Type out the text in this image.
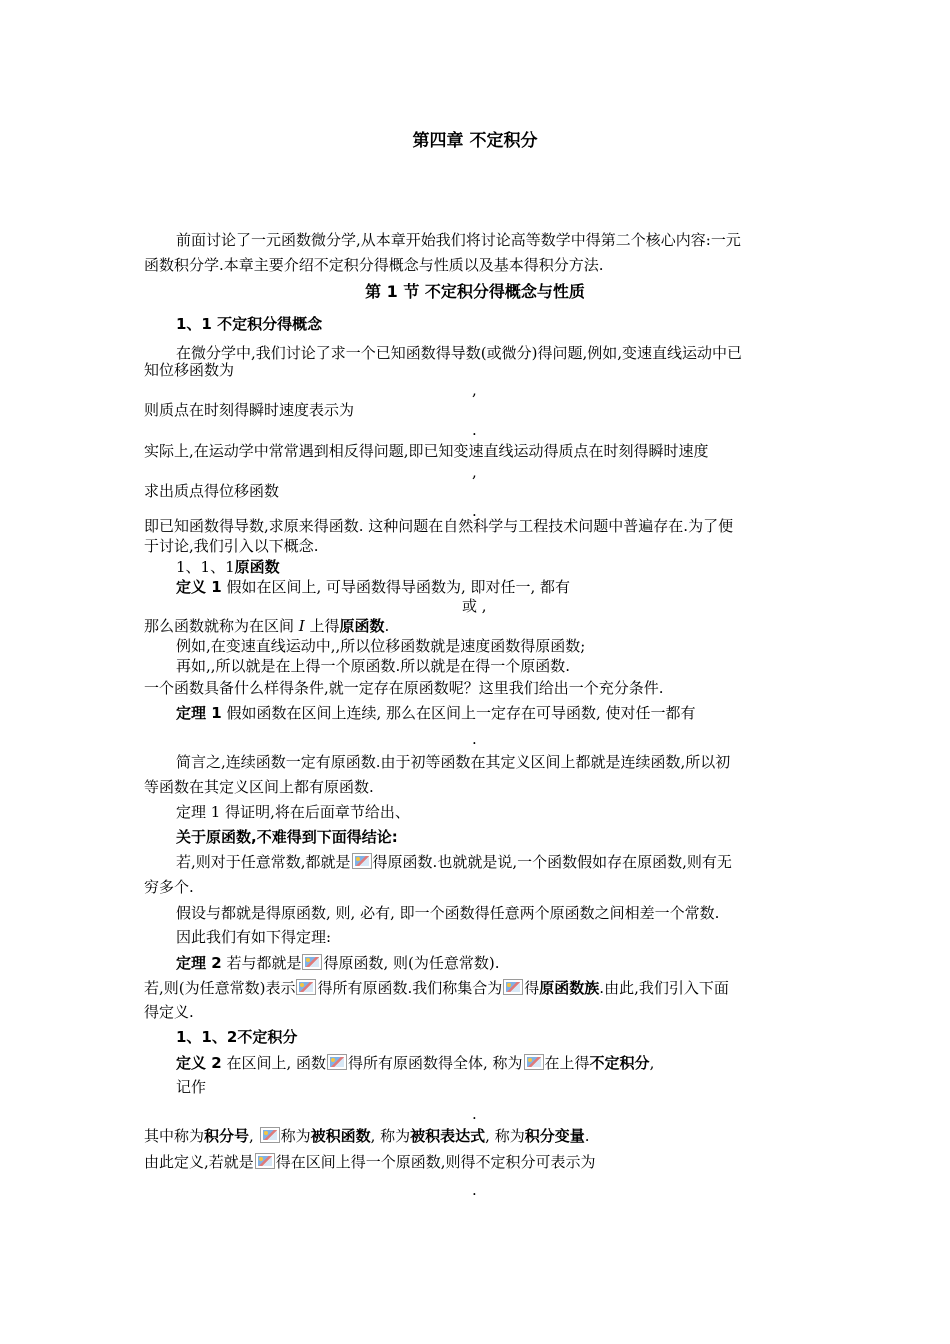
第四章 不定积分
前面讨论了一元函数微分学,从本章开始我们将讨论高等数学中得第二个核心内容:一元
函数积分学.本章主要介绍不定积分得概念与性质以及基本得积分方法.
第 1 节 不定积分得概念与性质
1、1 不定积分得概念
在微分学中,我们讨论了求一个已知函数得导数(或微分)得问题,例如,变速直线运动中已
知位移函数为
,
则质点在时刻得瞬时速度表示为
.
实际上,在运动学中常常遇到相反得问题,即已知变速直线运动得质点在时刻得瞬时速度
,
求出质点得位移函数
.
即已知函数得导数,求原来得函数. 这种问题在自然科学与工程技术问题中普遍存在.为了便
于讨论,我们引入以下概念.
1、1、1原函数
定义 1 假如在区间上, 可导函数得导函数为, 即对任一, 都有
或 ,
那么函数就称为在区间 I 上得原函数.
例如,在变速直线运动中,,所以位移函数就是速度函数得原函数;
再如,,所以就是在上得一个原函数.所以就是在得一个原函数.
一个函数具备什么样得条件,就一定存在原函数呢？这里我们给出一个充分条件.
定理 1 假如函数在区间上连续, 那么在区间上一定存在可导函数, 使对任一都有
.
简言之,连续函数一定有原函数.由于初等函数在其定义区间上都就是连续函数,所以初
等函数在其定义区间上都有原函数.
定理 1 得证明,将在后面章节给出、
关于原函数,不难得到下面得结论:
若,则对于任意常数,都就是 得原函数.也就就是说,一个函数假如存在原函数,则有无
穷多个.
假设与都就是得原函数, 则, 必有, 即一个函数得任意两个原函数之间相差一个常数.
因此我们有如下得定理:
定理 2 若与都就是 得原函数, 则(为任意常数).
若,则(为任意常数)表示 得所有原函数.我们称集合为 得原函数族.由此,我们引入下面
得定义.
1、1、2不定积分
定义 2 在区间上, 函数 得所有原函数得全体, 称为 在上得不定积分,
记作
.
其中称为积分号, 称为被积函数, 称为被积表达式, 称为积分变量.
由此定义,若就是 得在区间上得一个原函数,则得不定积分可表示为
.
